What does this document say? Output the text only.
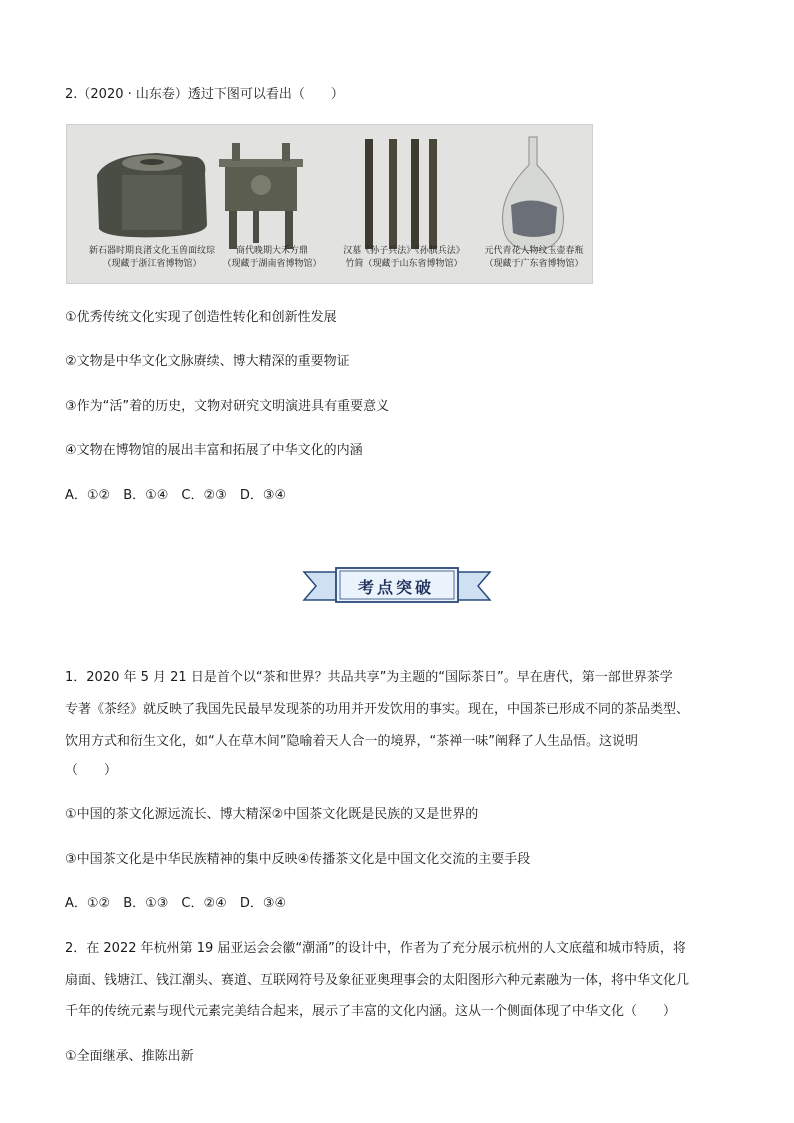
2.（2020 · 山东卷）透过下图可以看出（　　）
新石器时期良渚文化玉兽面纹琮
（现藏于浙江省博物馆）
商代晚期大禾方鼎
（现藏于湖南省博物馆）
汉墓《孙子兵法》《孙膑兵法》
竹简（现藏于山东省博物馆）
元代青花人物纹玉壶春瓶
（现藏于广东省博物馆）
①优秀传统文化实现了创造性转化和创新性发展
②文物是中华文化文脉赓续、博大精深的重要物证
③作为“活”着的历史，文物对研究文明演进具有重要意义
④文物在博物馆的展出丰富和拓展了中华文化的内涵
A．①②　B．①④　C．②③　D．③④
考点突破
1．2020 年 5 月 21 日是首个以“茶和世界？共品共享”为主题的“国际茶日”。早在唐代，第一部世界茶学
专著《茶经》就反映了我国先民最早发现茶的功用并开发饮用的事实。现在，中国茶已形成不同的茶品类型、
饮用方式和衍生文化，如“人在草木间”隐喻着天人合一的境界，“茶禅一味”阐释了人生品悟。这说明
（　　）
①中国的茶文化源远流长、博大精深②中国茶文化既是民族的又是世界的
③中国茶文化是中华民族精神的集中反映④传播茶文化是中国文化交流的主要手段
A．①②　B．①③　C．②④　D．③④
2．在 2022 年杭州第 19 届亚运会会徽“潮涌”的设计中，作者为了充分展示杭州的人文底蕴和城市特质，将
扇面、钱塘江、钱江潮头、赛道、互联网符号及象征亚奥理事会的太阳图形六种元素融为一体，将中华文化几
千年的传统元素与现代元素完美结合起来，展示了丰富的文化内涵。这从一个侧面体现了中华文化（　　）
①全面继承、推陈出新
